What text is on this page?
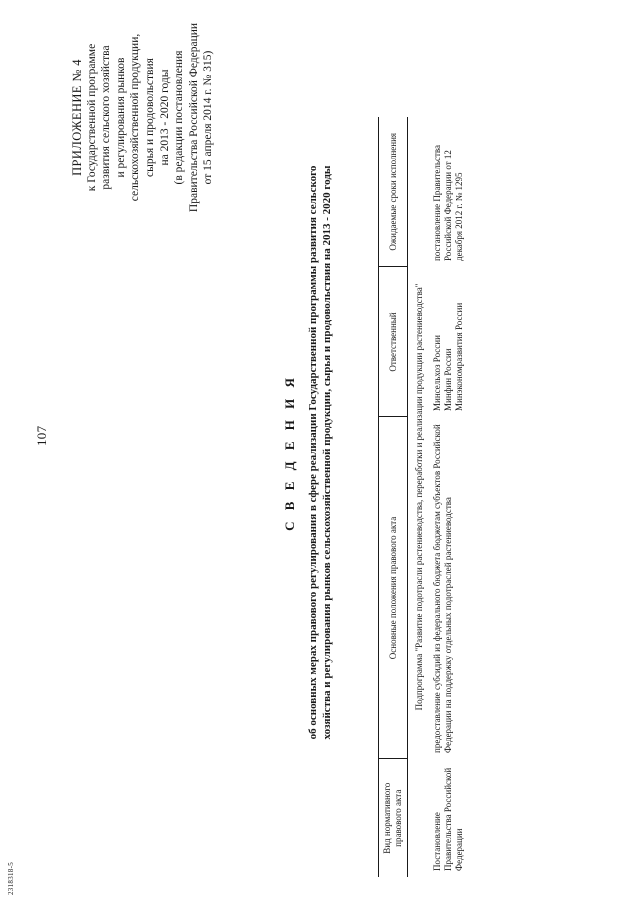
107
2318318-5
ПРИЛОЖЕНИЕ № 4 к Государственной программе развития сельского хозяйства и регулирования рынков сельскохозяйственной продукции, сырья и продовольствия на 2013 - 2020 годы (в редакции постановления Правительства Российской Федерации от 15 апреля 2014 г. № 315)
С В Е Д Е Н И Я об основных мерах правового регулирования в сфере реализации Государственной программы развития сельского хозяйства и регулирования рынков сельскохозяйственной продукции, сырья и продовольствия на 2013 - 2020 годы
Вид нормативного правового акта	Основные положения правового акта	Ответственный	Ожидаемые сроки исполнения
Подпрограмма "Развитие подотрасли растениеводства, переработки и реализации продукции растениеводства"			
Постановление Правительства Российской Федерации	предоставление субсидий из федерального бюджета бюджетам субъектов Российской Федерации на поддержку отдельных подотраслей растениеводства	Минсельхоз России Минфин России Минэкономразвития России	постановление Правительства Российской Федерации от 12 декабря 2012 г. № 1295
